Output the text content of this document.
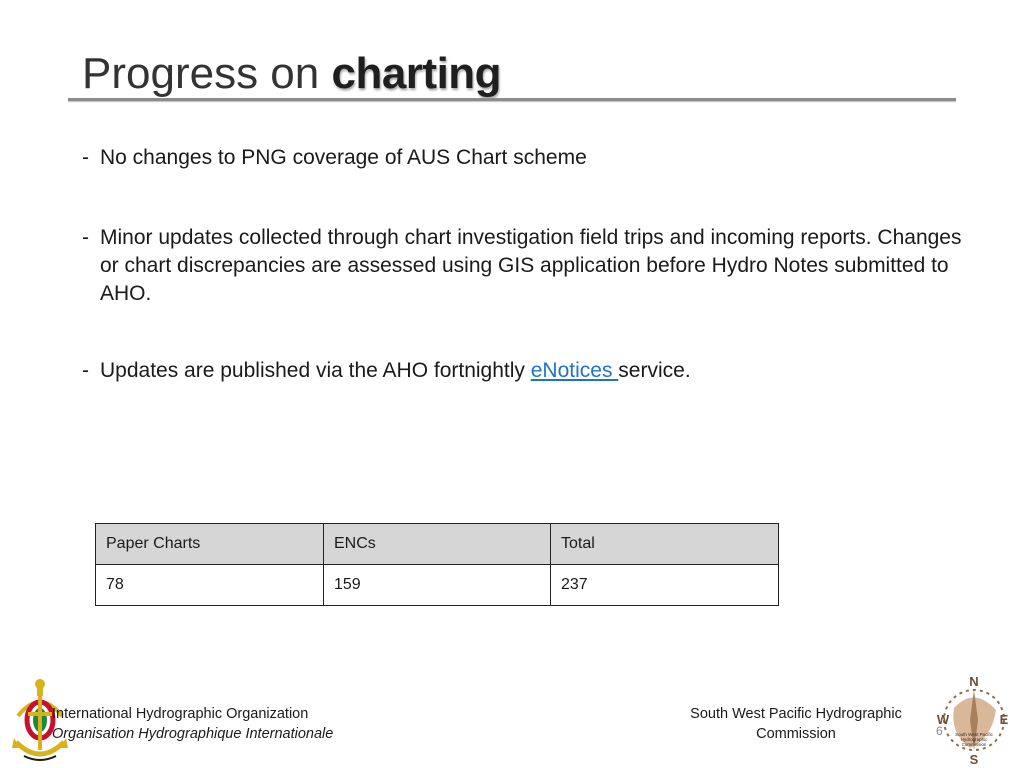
Progress on charting
- No changes to PNG coverage of AUS Chart scheme
- Minor updates collected through chart investigation field trips and incoming reports. Changes or chart discrepancies are assessed using GIS application before Hydro Notes submitted to AHO.
- Updates are published via the AHO fortnightly eNotices service.
Paper Charts	ENCs	Total
78	159	237
International Hydrographic Organization
Organisation Hydrographique Internationale
South West Pacific Hydrographic
Commission	6
N
S
E
W
South West Pacific
Hydrographic
Commission
